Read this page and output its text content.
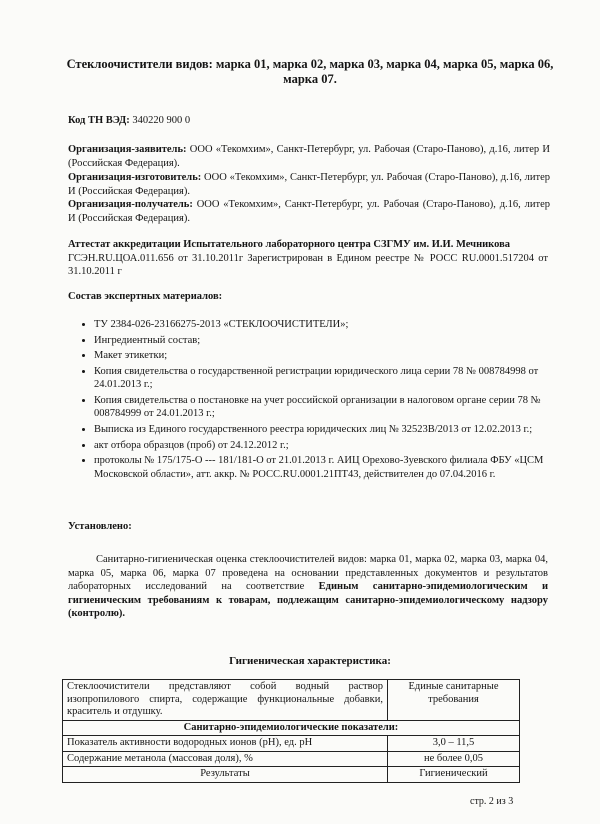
Стеклоочистители видов: марка 01, марка 02, марка 03, марка 04, марка 05, марка 06, марка 07.
Код ТН ВЭД: 340220 900 0
Организация-заявитель: ООО «Текомхим», Санкт-Петербург, ул. Рабочая (Старо-Паново), д.16, литер И (Российская Федерация).
Организация-изготовитель: ООО «Текомхим», Санкт-Петербург, ул. Рабочая (Старо-Паново), д.16, литер И (Российская Федерация).
Организация-получатель: ООО «Текомхим», Санкт-Петербург, ул. Рабочая (Старо-Паново), д.16, литер И (Российская Федерация).
Аттестат аккредитации Испытательного лабораторного центра СЗГМУ им. И.И. Мечникова
ГСЭН.RU.ЦОА.011.656 от 31.10.2011г Зарегистрирован в Едином реестре № РОСС RU.0001.517204 от 31.10.2011 г
Состав экспертных материалов:
• ТУ 2384-026-23166275-2013 «СТЕКЛООЧИСТИТЕЛИ»;
• Ингредиентный состав;
• Макет этикетки;
• Копия свидетельства о государственной регистрации юридического лица серии 78 № 008784998 от 24.01.2013 г.;
• Копия свидетельства о постановке на учет российской организации в налоговом органе серии 78 № 008784999 от 24.01.2013 г.;
• Выписка из Единого государственного реестра юридических лиц № 32523В/2013 от 12.02.2013 г.;
• акт отбора образцов (проб) от 24.12.2012 г.;
• протоколы № 175/175-О --- 181/181-О от 21.01.2013 г. АИЦ Орехово-Зуевского филиала ФБУ «ЦСМ Московской области», атт. аккр. № РОСС.RU.0001.21ПТ43, действителен до 07.04.2016 г.
Установлено:
Санитарно-гигиеническая оценка стеклоочистителей видов: марка 01, марка 02, марка 03, марка 04, марка 05, марка 06, марка 07 проведена на основании представленных документов и результатов лабораторных исследований на соответствие Единым санитарно-эпидемиологическим и гигиеническим требованиям к товарам, подлежащим санитарно-эпидемиологическому надзору (контролю).
Гигиеническая характеристика:
Стеклоочистители представляют собой водный раствор изопропилового спирта, содержащие функциональные добавки, краситель и отдушку.	Единые санитарные требования
Санитарно-эпидемиологические показатели:	
Показатель активности водородных ионов (pH), ед. pH	3,0 – 11,5
Содержание метанола (массовая доля), %	не более 0,05
Результаты	Гигиенический
стр. 2 из 3
